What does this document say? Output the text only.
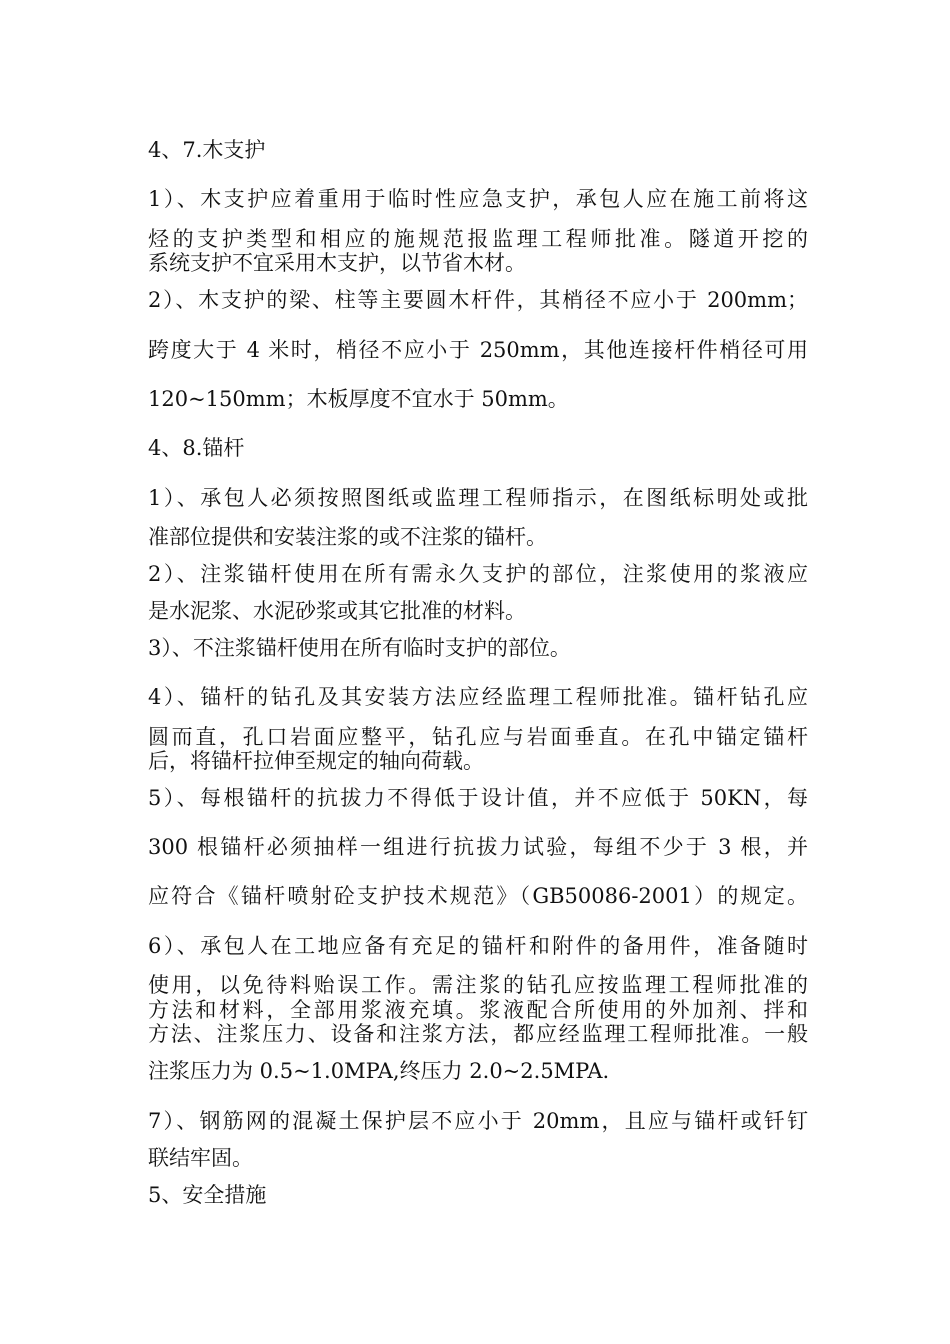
4、7.木支护
1）、木支护应着重用于临时性应急支护，承包人应在施工前将这
烃的支护类型和相应的施规范报监理工程师批准。隧道开挖的
系统支护不宜采用木支护，以节省木材。
2）、木支护的梁、柱等主要圆木杆件，其梢径不应小于 200mm；
跨度大于 4 米时，梢径不应小于 250mm，其他连接杆件梢径可用
120~150mm；木板厚度不宜水于 50mm。
4、8.锚杆
1）、承包人必须按照图纸或监理工程师指示，在图纸标明处或批
准部位提供和安装注浆的或不注浆的锚杆。
2）、注浆锚杆使用在所有需永久支护的部位，注浆使用的浆液应
是水泥浆、水泥砂浆或其它批准的材料。
3）、不注浆锚杆使用在所有临时支护的部位。
4）、锚杆的钻孔及其安装方法应经监理工程师批准。锚杆钻孔应
圆而直，孔口岩面应整平，钻孔应与岩面垂直。在孔中锚定锚杆
后，将锚杆拉伸至规定的轴向荷载。
5）、每根锚杆的抗拔力不得低于设计值，并不应低于 50KN，每
300 根锚杆必须抽样一组进行抗拔力试验，每组不少于 3 根，并
应符合《锚杆喷射砼支护技术规范》（GB50086-2001）的规定。
6）、承包人在工地应备有充足的锚杆和附件的备用件，准备随时
使用，以免待料贻误工作。需注浆的钻孔应按监理工程师批准的
方法和材料，全部用浆液充填。浆液配合所使用的外加剂、拌和
方法、注浆压力、设备和注浆方法，都应经监理工程师批准。一般
注浆压力为 0.5~1.0MPA,终压力 2.0~2.5MPA.
7）、钢筋网的混凝土保护层不应小于 20mm，且应与锚杆或钎钉
联结牢固。
5、安全措施
